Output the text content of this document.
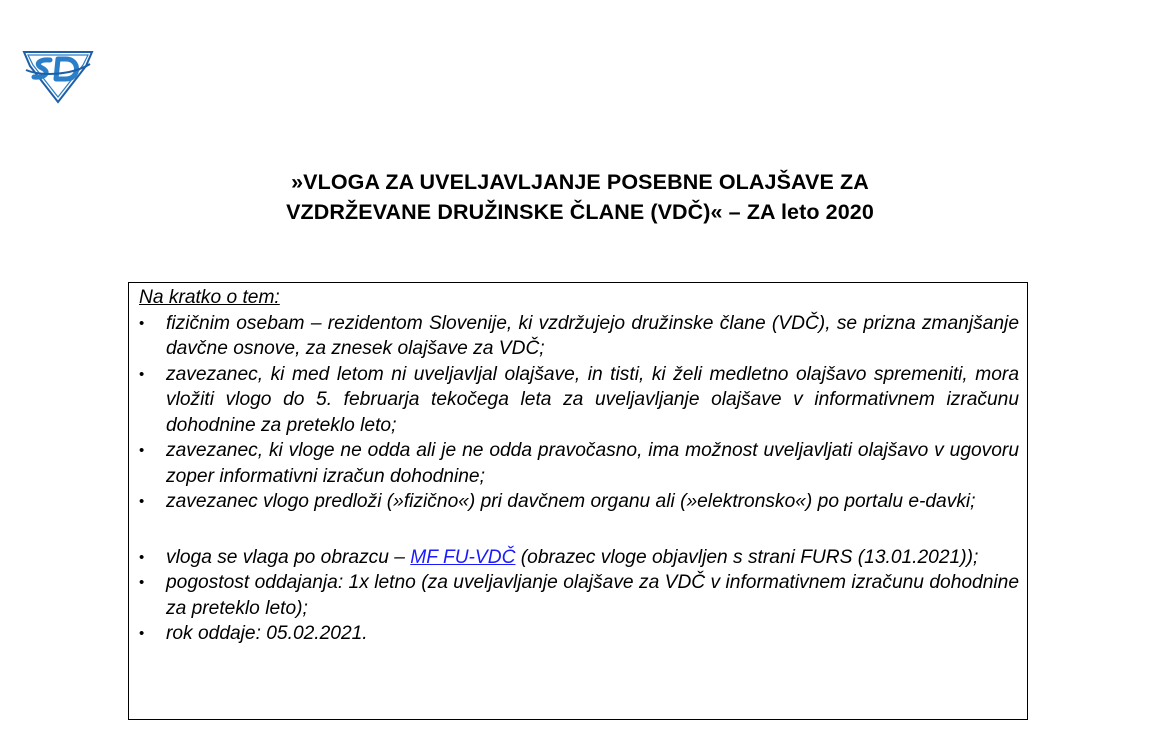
»VLOGA ZA UVELJAVLJANJE POSEBNE OLAJŠAVE ZA
VZDRŽEVANE DRUŽINSKE ČLANE (VDČ)« – ZA leto 2020
Na kratko o tem:
• fizičnim osebam – rezidentom Slovenije, ki vzdržujejo družinske člane (VDČ), se prizna zmanjšanje davčne osnove, za znesek olajšave za VDČ;
• zavezanec, ki med letom ni uveljavljal olajšave, in tisti, ki želi medletno olajšavo spremeniti, mora vložiti vlogo do 5. februarja tekočega leta za uveljavljanje olajšave v informativnem izračunu dohodnine za preteklo leto;
• zavezanec, ki vloge ne odda ali je ne odda pravočasno, ima možnost uveljavljati olajšavo v ugovoru zoper informativni izračun dohodnine;
• zavezanec vlogo predloži (»fizično«) pri davčnem organu ali (»elektronsko«) po portalu e-davki;
• vloga se vlaga po obrazcu – MF FU-VDČ (obrazec vloge objavljen s strani FURS (13.01.2021));
• pogostost oddajanja: 1x letno (za uveljavljanje olajšave za VDČ v informativnem izračunu dohodnine za preteklo leto);
• rok oddaje: 05.02.2021.
